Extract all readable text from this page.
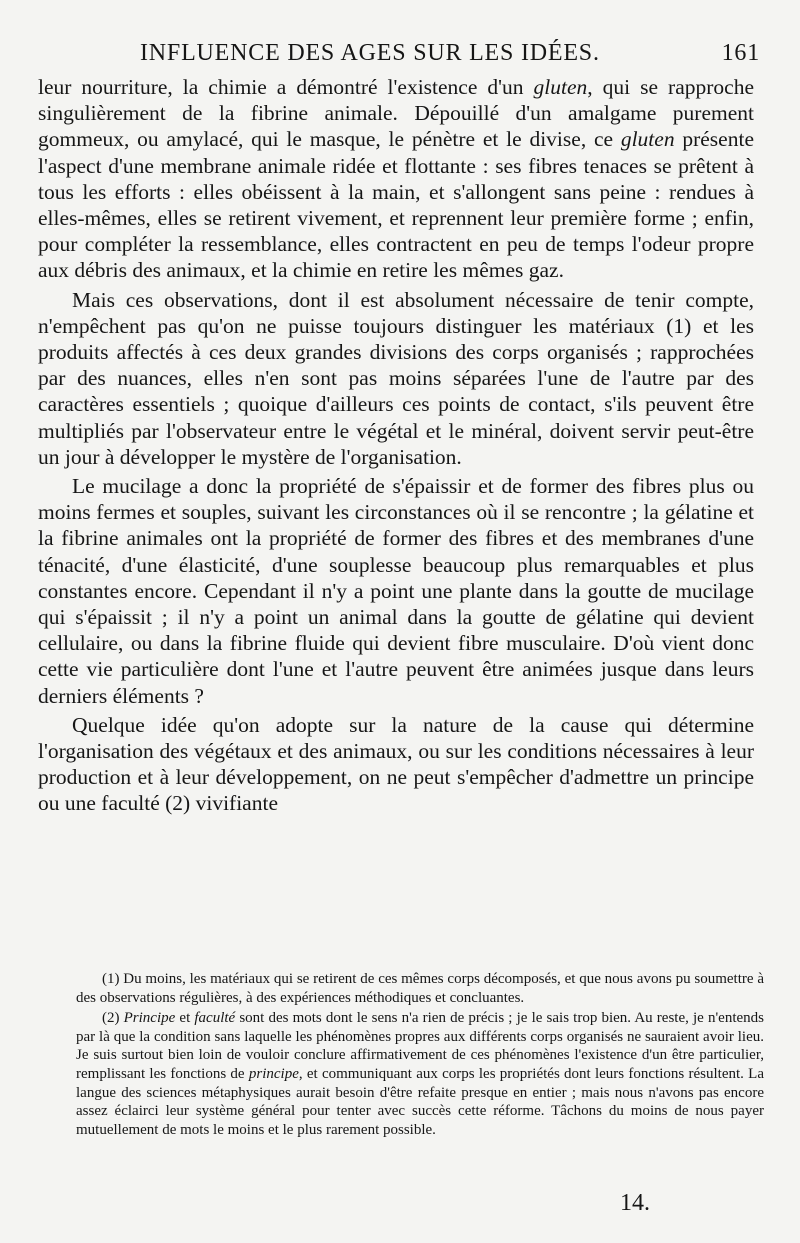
INFLUENCE DES AGES SUR LES IDÉES.	161

leur nourriture, la chimie a démontré l'existence d'un gluten, qui se rapproche singulièrement de la fibrine animale. Dépouillé d'un amalgame purement gommeux, ou amylacé, qui le masque, le pénètre et le divise, ce gluten présente l'aspect d'une membrane animale ridée et flottante : ses fibres tenaces se prêtent à tous les efforts : elles obéissent à la main, et s'allongent sans peine : rendues à elles-mêmes, elles se retirent vivement, et reprennent leur première forme ; enfin, pour compléter la ressemblance, elles contractent en peu de temps l'odeur propre aux débris des animaux, et la chimie en retire les mêmes gaz.

Mais ces observations, dont il est absolument nécessaire de tenir compte, n'empêchent pas qu'on ne puisse toujours distinguer les matériaux (1) et les produits affectés à ces deux grandes divisions des corps organisés ; rapprochées par des nuances, elles n'en sont pas moins séparées l'une de l'autre par des caractères essentiels ; quoique d'ailleurs ces points de contact, s'ils peuvent être multipliés par l'observateur entre le végétal et le minéral, doivent servir peut-être un jour à développer le mystère de l'organisation.

Le mucilage a donc la propriété de s'épaissir et de former des fibres plus ou moins fermes et souples, suivant les circonstances où il se rencontre ; la gélatine et la fibrine animales ont la propriété de former des fibres et des membranes d'une ténacité, d'une élasticité, d'une souplesse beaucoup plus remarquables et plus constantes encore. Cependant il n'y a point une plante dans la goutte de mucilage qui s'épaissit ; il n'y a point un animal dans la goutte de gélatine qui devient cellulaire, ou dans la fibrine fluide qui devient fibre musculaire. D'où vient donc cette vie particulière dont l'une et l'autre peuvent être animées jusque dans leurs derniers éléments ?

Quelque idée qu'on adopte sur la nature de la cause qui détermine l'organisation des végétaux et des animaux, ou sur les conditions nécessaires à leur production et à leur développement, on ne peut s'empêcher d'admettre un principe ou une faculté (2) vivifiante

(1) Du moins, les matériaux qui se retirent de ces mêmes corps décomposés, et que nous avons pu soumettre à des observations régulières, à des expériences méthodiques et concluantes.

(2) Principe et faculté sont des mots dont le sens n'a rien de précis ; je le sais trop bien. Au reste, je n'entends par là que la condition sans laquelle les phénomènes propres aux différents corps organisés ne sauraient avoir lieu. Je suis surtout bien loin de vouloir conclure affirmativement de ces phénomènes l'existence d'un être particulier, remplissant les fonctions de principe, et communiquant aux corps les propriétés dont leurs fonctions résultent. La langue des sciences métaphysiques aurait besoin d'être refaite presque en entier ; mais nous n'avons pas encore assez éclairci leur système général pour tenter avec succès cette réforme. Tâchons du moins de nous payer mutuellement de mots le moins et le plus rarement possible.

14.
